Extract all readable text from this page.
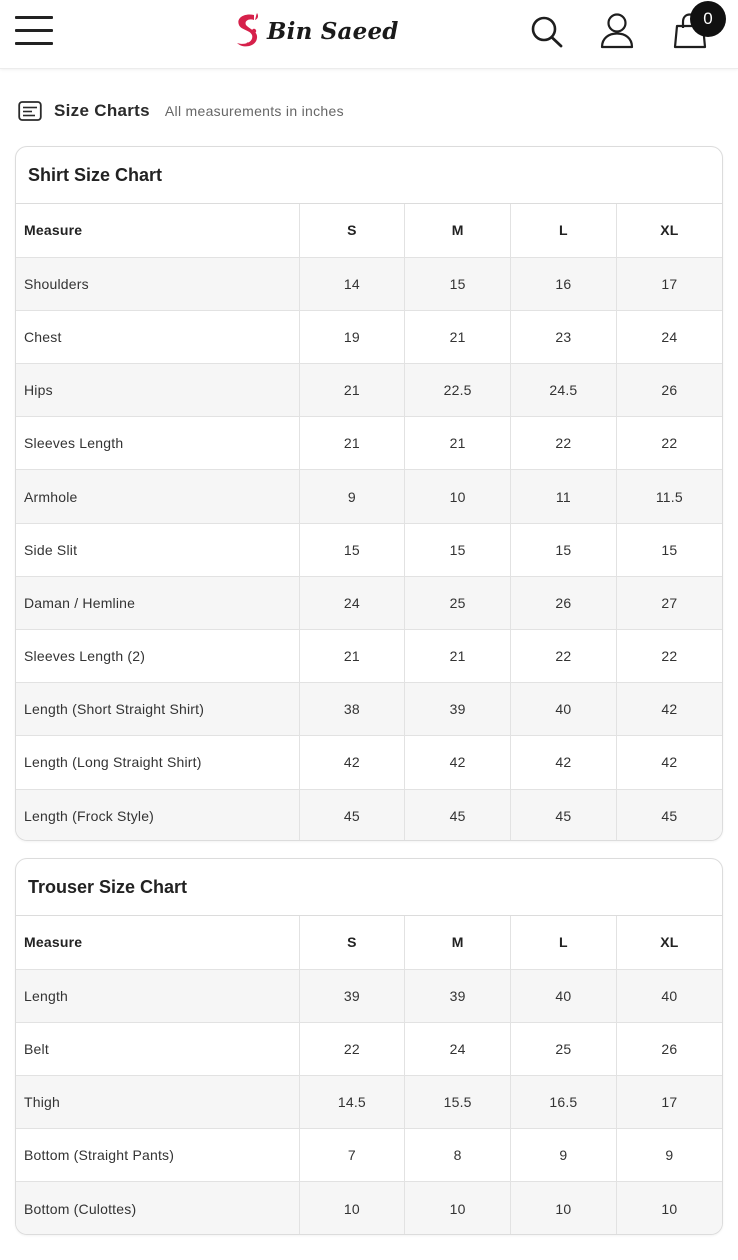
Bin Saeed	0
Size Charts All measurements in inches
Shirt Size Chart
Measure	S	M	L	XL
Shoulders	14	15	16	17
Chest	19	21	23	24
Hips	21	22.5	24.5	26
Sleeves Length	21	21	22	22
Armhole	9	10	11	11.5
Side Slit	15	15	15	15
Daman / Hemline	24	25	26	27
Sleeves Length (2)	21	21	22	22
Length (Short Straight Shirt)	38	39	40	42
Length (Long Straight Shirt)	42	42	42	42
Length (Frock Style)	45	45	45	45
Trouser Size Chart
Measure	S	M	L	XL
Length	39	39	40	40
Belt	22	24	25	26
Thigh	14.5	15.5	16.5	17
Bottom (Straight Pants)	7	8	9	9
Bottom (Culottes)	10	10	10	10
